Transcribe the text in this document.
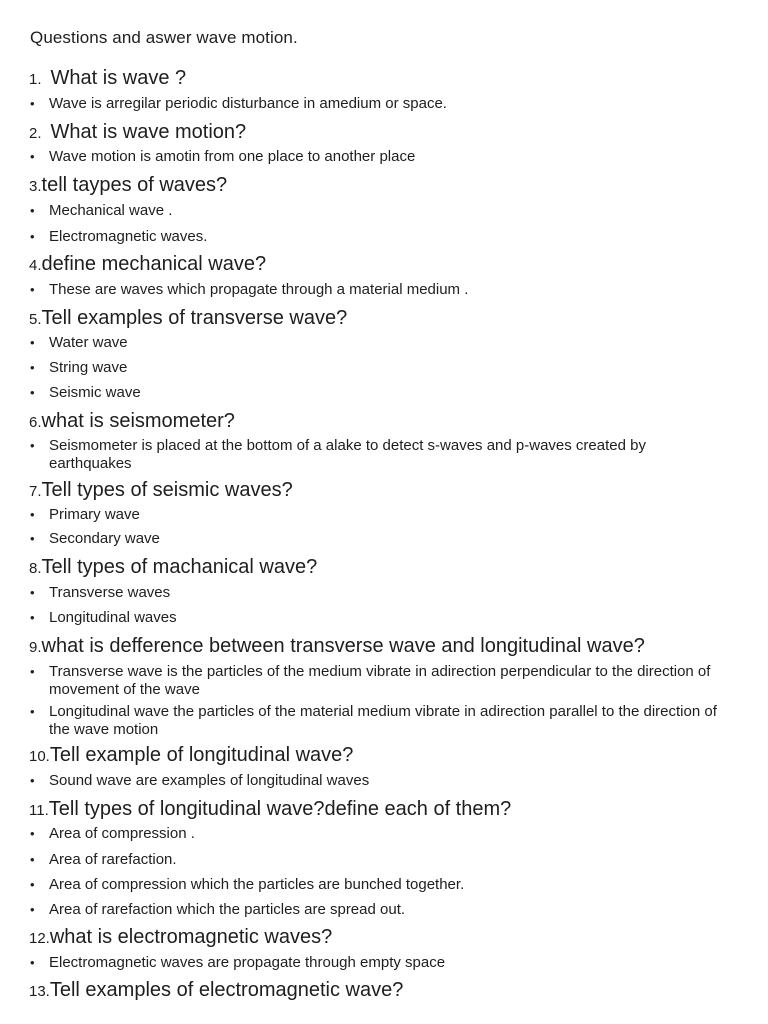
Questions and aswer wave motion.
1. What is wave ?
• Wave is arregilar periodic disturbance in amedium or space.
2. What is wave motion?
• Wave motion is amotin from one place to another place
3.tell taypes of waves?
• Mechanical wave .
• Electromagnetic waves.
4.define mechanical wave?
• These are waves which propagate through a material medium .
5.Tell examples of transverse wave?
• Water wave
• String wave
• Seismic wave
6.what is seismometer?
• Seismometer is placed at the bottom of a alake to detect s-waves and p-waves created by earthquakes
7.Tell types of seismic waves?
• Primary wave
• Secondary wave
8.Tell types of machanical wave?
• Transverse waves
• Longitudinal waves
9.what is defference between transverse wave and longitudinal wave?
• Transverse wave is the particles of the medium vibrate in adirection perpendicular to the direction of movement of the wave
• Longitudinal wave the particles of the material medium vibrate in adirection parallel to the direction of the wave motion
10.Tell example of longitudinal wave?
• Sound wave are examples of longitudinal waves
11.Tell types of longitudinal wave?define each of them?
• Area of compression .
• Area of rarefaction.
• Area of compression which the particles are bunched together.
• Area of rarefaction which the particles are spread out.
12.what is electromagnetic waves?
• Electromagnetic waves are propagate through empty space
13.Tell examples of electromagnetic wave?
